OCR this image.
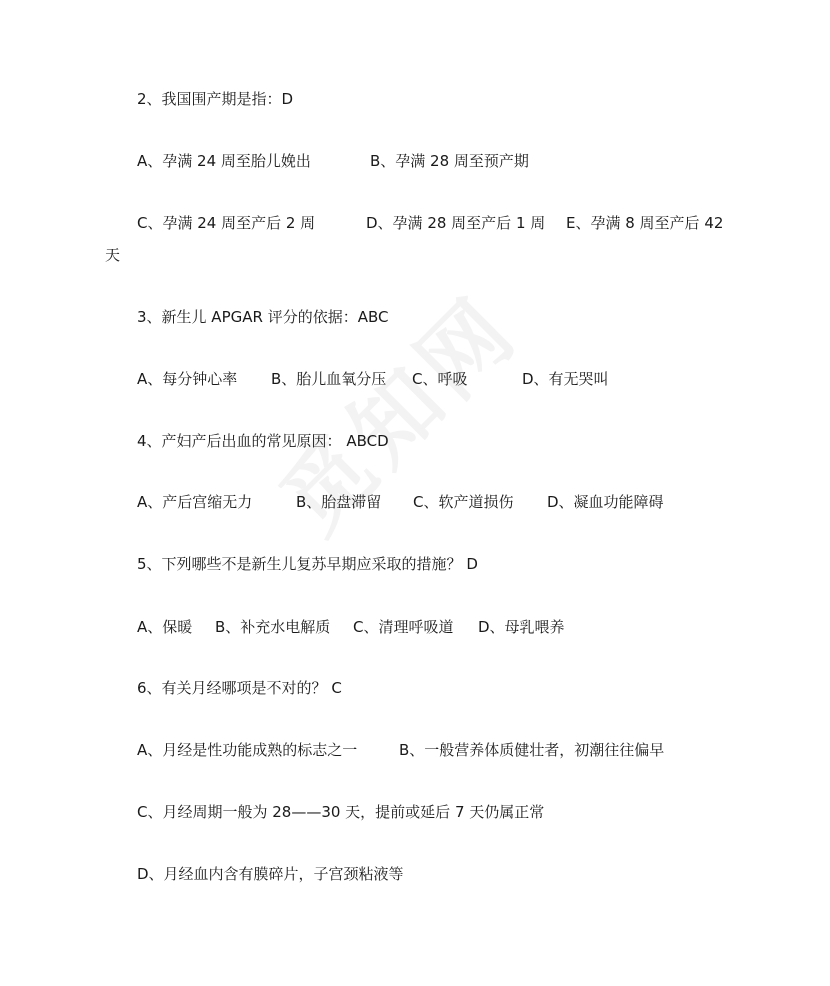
2、我国围产期是指：D
A、孕满 24 周至胎儿娩出	B、孕满 28 周至预产期
C、孕满 24 周至产后 2 周	D、孕满 28 周至产后 1 周 E、孕满 8 周至产后 42
天
3、新生儿 APGAR 评分的依据：ABC
A、每分钟心率 B、胎儿血氧分压 C、呼吸	D、有无哭叫
4、产妇产后出血的常见原因： ABCD
A、产后宫缩无力	B、胎盘滞留 C、软产道损伤 D、凝血功能障碍
5、下列哪些不是新生儿复苏早期应采取的措施？ D
A、保暖 B、补充水电解质 C、清理呼吸道 D、母乳喂养
6、有关月经哪项是不对的？ C
A、月经是性功能成熟的标志之一	B、一般营养体质健壮者，初潮往往偏早
C、月经周期一般为 28——30 天，提前或延后 7 天仍属正常
D、月经血内含有膜碎片，子宫颈粘液等
